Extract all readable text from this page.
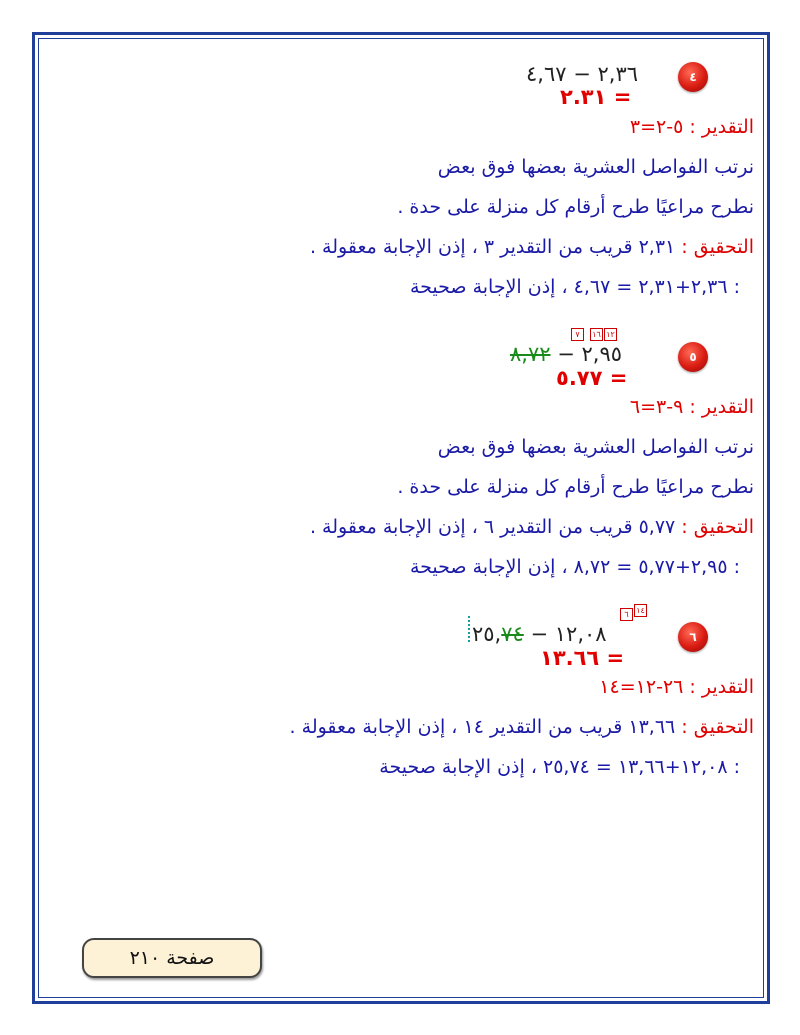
٤
٢,٣٦ − ٤,٦٧
٢.٣١ =
التقدير : ٥-٢=٣
نرتب الفواصل العشرية بعضها فوق بعض
نطرح مراعيًا طرح أرقام كل منزلة على حدة .
التحقيق : ٢,٣١ قريب من التقدير ٣ ، إذن الإجابة معقولة .
: ٢,٣٦+٢,٣١ = ٤,٦٧ ، إذن الإجابة صحيحة
٧	١٦ ١٢
٥
٢,٩٥ − ٨,٧٢
٥.٧٧ =
التقدير : ٩-٣=٦
نرتب الفواصل العشرية بعضها فوق بعض
نطرح مراعيًا طرح أرقام كل منزلة على حدة .
التحقيق : ٥,٧٧ قريب من التقدير ٦ ، إذن الإجابة معقولة .
: ٢,٩٥+٥,٧٧ = ٨,٧٢ ، إذن الإجابة صحيحة
٦ ١٤
٦
١٢,٠٨ − ٢٥,٧٤
١٣.٦٦ =
التقدير : ٢٦-١٢=١٤
التحقيق : ١٣,٦٦ قريب من التقدير ١٤ ، إذن الإجابة معقولة .
: ١٢,٠٨+١٣,٦٦ = ٢٥,٧٤ ، إذن الإجابة صحيحة
صفحة ٢١٠
